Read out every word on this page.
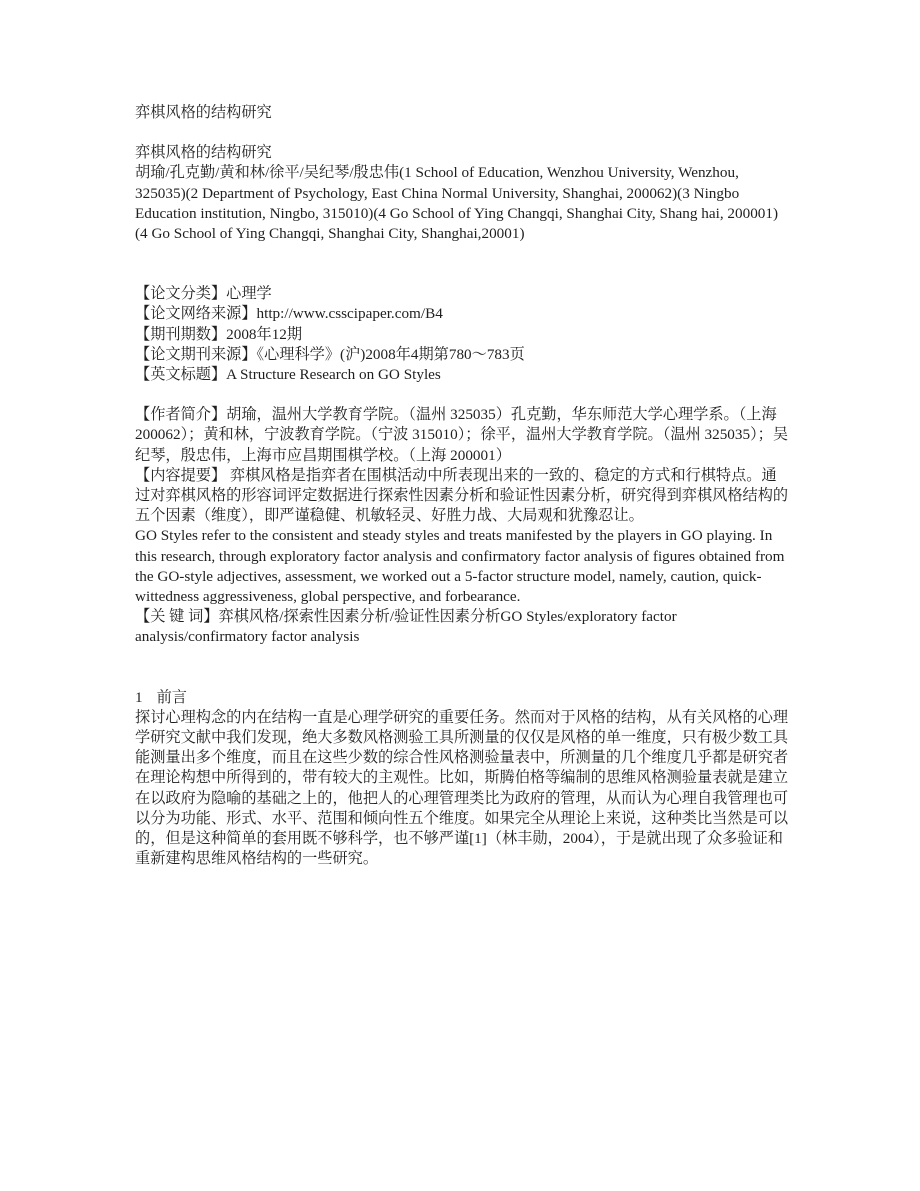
弈棋风格的结构研究

弈棋风格的结构研究

胡瑜/孔克勤/黄和林/徐平/吴纪琴/殷忠伟(1 School of Education, Wenzhou University, Wenzhou, 325035)(2 Department of Psychology, East China Normal University, Shanghai, 200062)(3 Ningbo Education institution, Ningbo, 315010)(4 Go School of Ying Changqi, Shanghai City, Shang hai, 200001)(4 Go School of Ying Changqi, Shanghai City, Shanghai,20001)

【论文分类】心理学

【论文网络来源】http://www.csscipaper.com/B4

【期刊期数】2008年12期

【论文期刊来源】《心理科学》(沪)2008年4期第780～783页

【英文标题】A Structure Research on GO Styles

【作者简介】胡瑜，温州大学教育学院。（温州 325035）孔克勤，华东师范大学心理学系。（上海 200062）；黄和林，宁波教育学院。（宁波 315010）；徐平，温州大学教育学院。（温州 325035）；吴纪琴，殷忠伟，上海市应昌期围棋学校。（上海 200001）

【内容提要】 弈棋风格是指弈者在围棋活动中所表现出来的一致的、稳定的方式和行棋特点。通过对弈棋风格的形容词评定数据进行探索性因素分析和验证性因素分析，研究得到弈棋风格结构的五个因素（维度），即严谨稳健、机敏轻灵、好胜力战、大局观和犹豫忍让。

GO Styles refer to the consistent and steady styles and treats manifested by the players in GO playing. In this research, through exploratory factor analysis and confirmatory factor analysis of figures obtained from the GO-style adjectives, assessment, we worked out a 5-factor structure model, namely, caution, quick-wittedness aggressiveness, global perspective, and forbearance.

【关 键 词】弈棋风格/探索性因素分析/验证性因素分析GO Styles/exploratory factor analysis/confirmatory factor analysis

1 前言

探讨心理构念的内在结构一直是心理学研究的重要任务。然而对于风格的结构，从有关风格的心理学研究文献中我们发现，绝大多数风格测验工具所测量的仅仅是风格的单一维度，只有极少数工具能测量出多个维度，而且在这些少数的综合性风格测验量表中，所测量的几个维度几乎都是研究者在理论构想中所得到的，带有较大的主观性。比如，斯腾伯格等编制的思维风格测验量表就是建立在以政府为隐喻的基础之上的，他把人的心理管理类比为政府的管理，从而认为心理自我管理也可以分为功能、形式、水平、范围和倾向性五个维度。如果完全从理论上来说，这种类比当然是可以的，但是这种简单的套用既不够科学，也不够严谨[1]（林丰勋，2004），于是就出现了众多验证和重新建构思维风格结构的一些研究。
